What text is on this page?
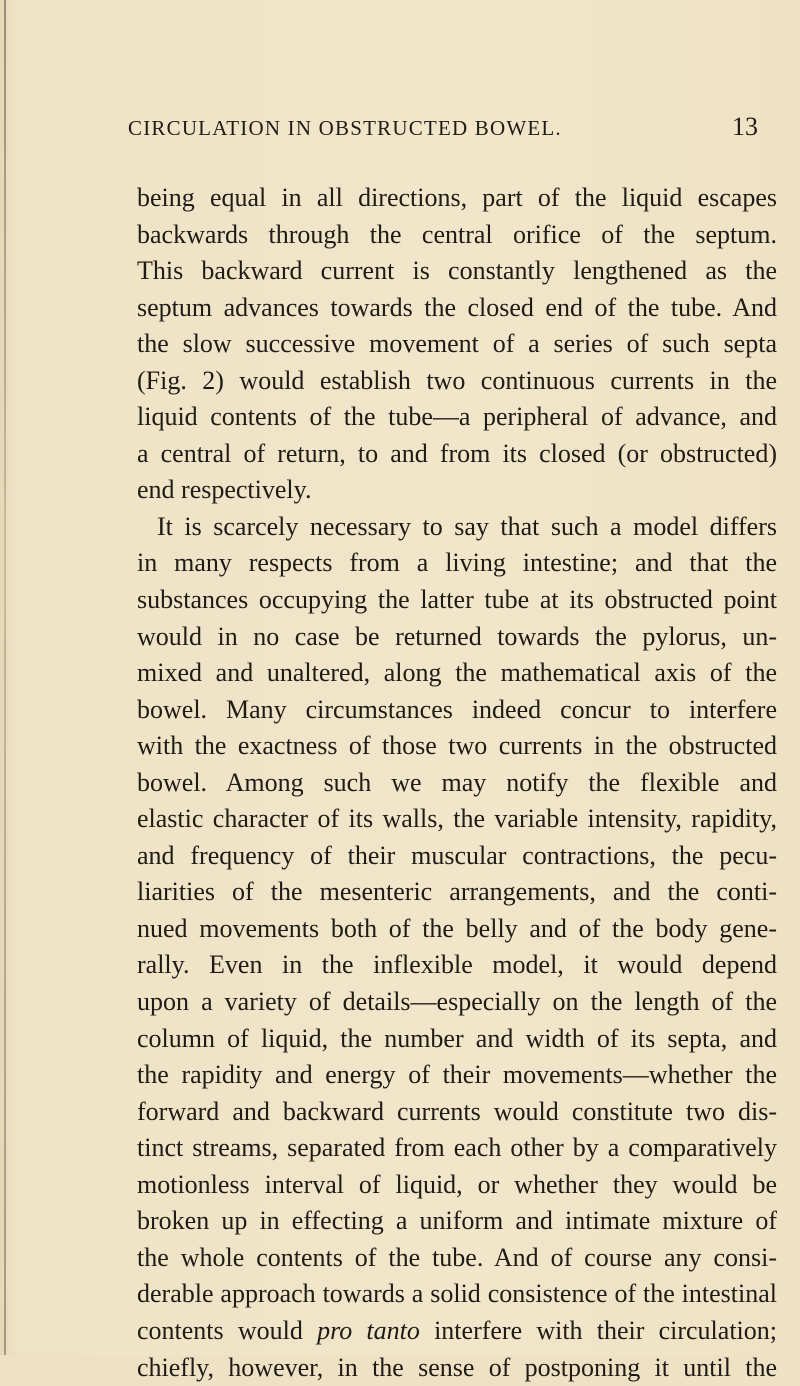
CIRCULATION IN OBSTRUCTED BOWEL.	13
being equal in all directions, part of the liquid escapes
backwards through the central orifice of the septum.
This backward current is constantly lengthened as the
septum advances towards the closed end of the tube. And
the slow successive movement of a series of such septa
(Fig. 2) would establish two continuous currents in the
liquid contents of the tube—a peripheral of advance, and
a central of return, to and from its closed (or obstructed)
end respectively.
It is scarcely necessary to say that such a model differs
in many respects from a living intestine; and that the
substances occupying the latter tube at its obstructed point
would in no case be returned towards the pylorus, un-
mixed and unaltered, along the mathematical axis of the
bowel. Many circumstances indeed concur to interfere
with the exactness of those two currents in the obstructed
bowel. Among such we may notify the flexible and
elastic character of its walls, the variable intensity, rapidity,
and frequency of their muscular contractions, the pecu-
liarities of the mesenteric arrangements, and the conti-
nued movements both of the belly and of the body gene-
rally. Even in the inflexible model, it would depend
upon a variety of details—especially on the length of the
column of liquid, the number and width of its septa, and
the rapidity and energy of their movements—whether the
forward and backward currents would constitute two dis-
tinct streams, separated from each other by a comparatively
motionless interval of liquid, or whether they would be
broken up in effecting a uniform and intimate mixture of
the whole contents of the tube. And of course any consi-
derable approach towards a solid consistence of the intestinal
contents would pro tanto interfere with their circulation;
chiefly, however, in the sense of postponing it until the
